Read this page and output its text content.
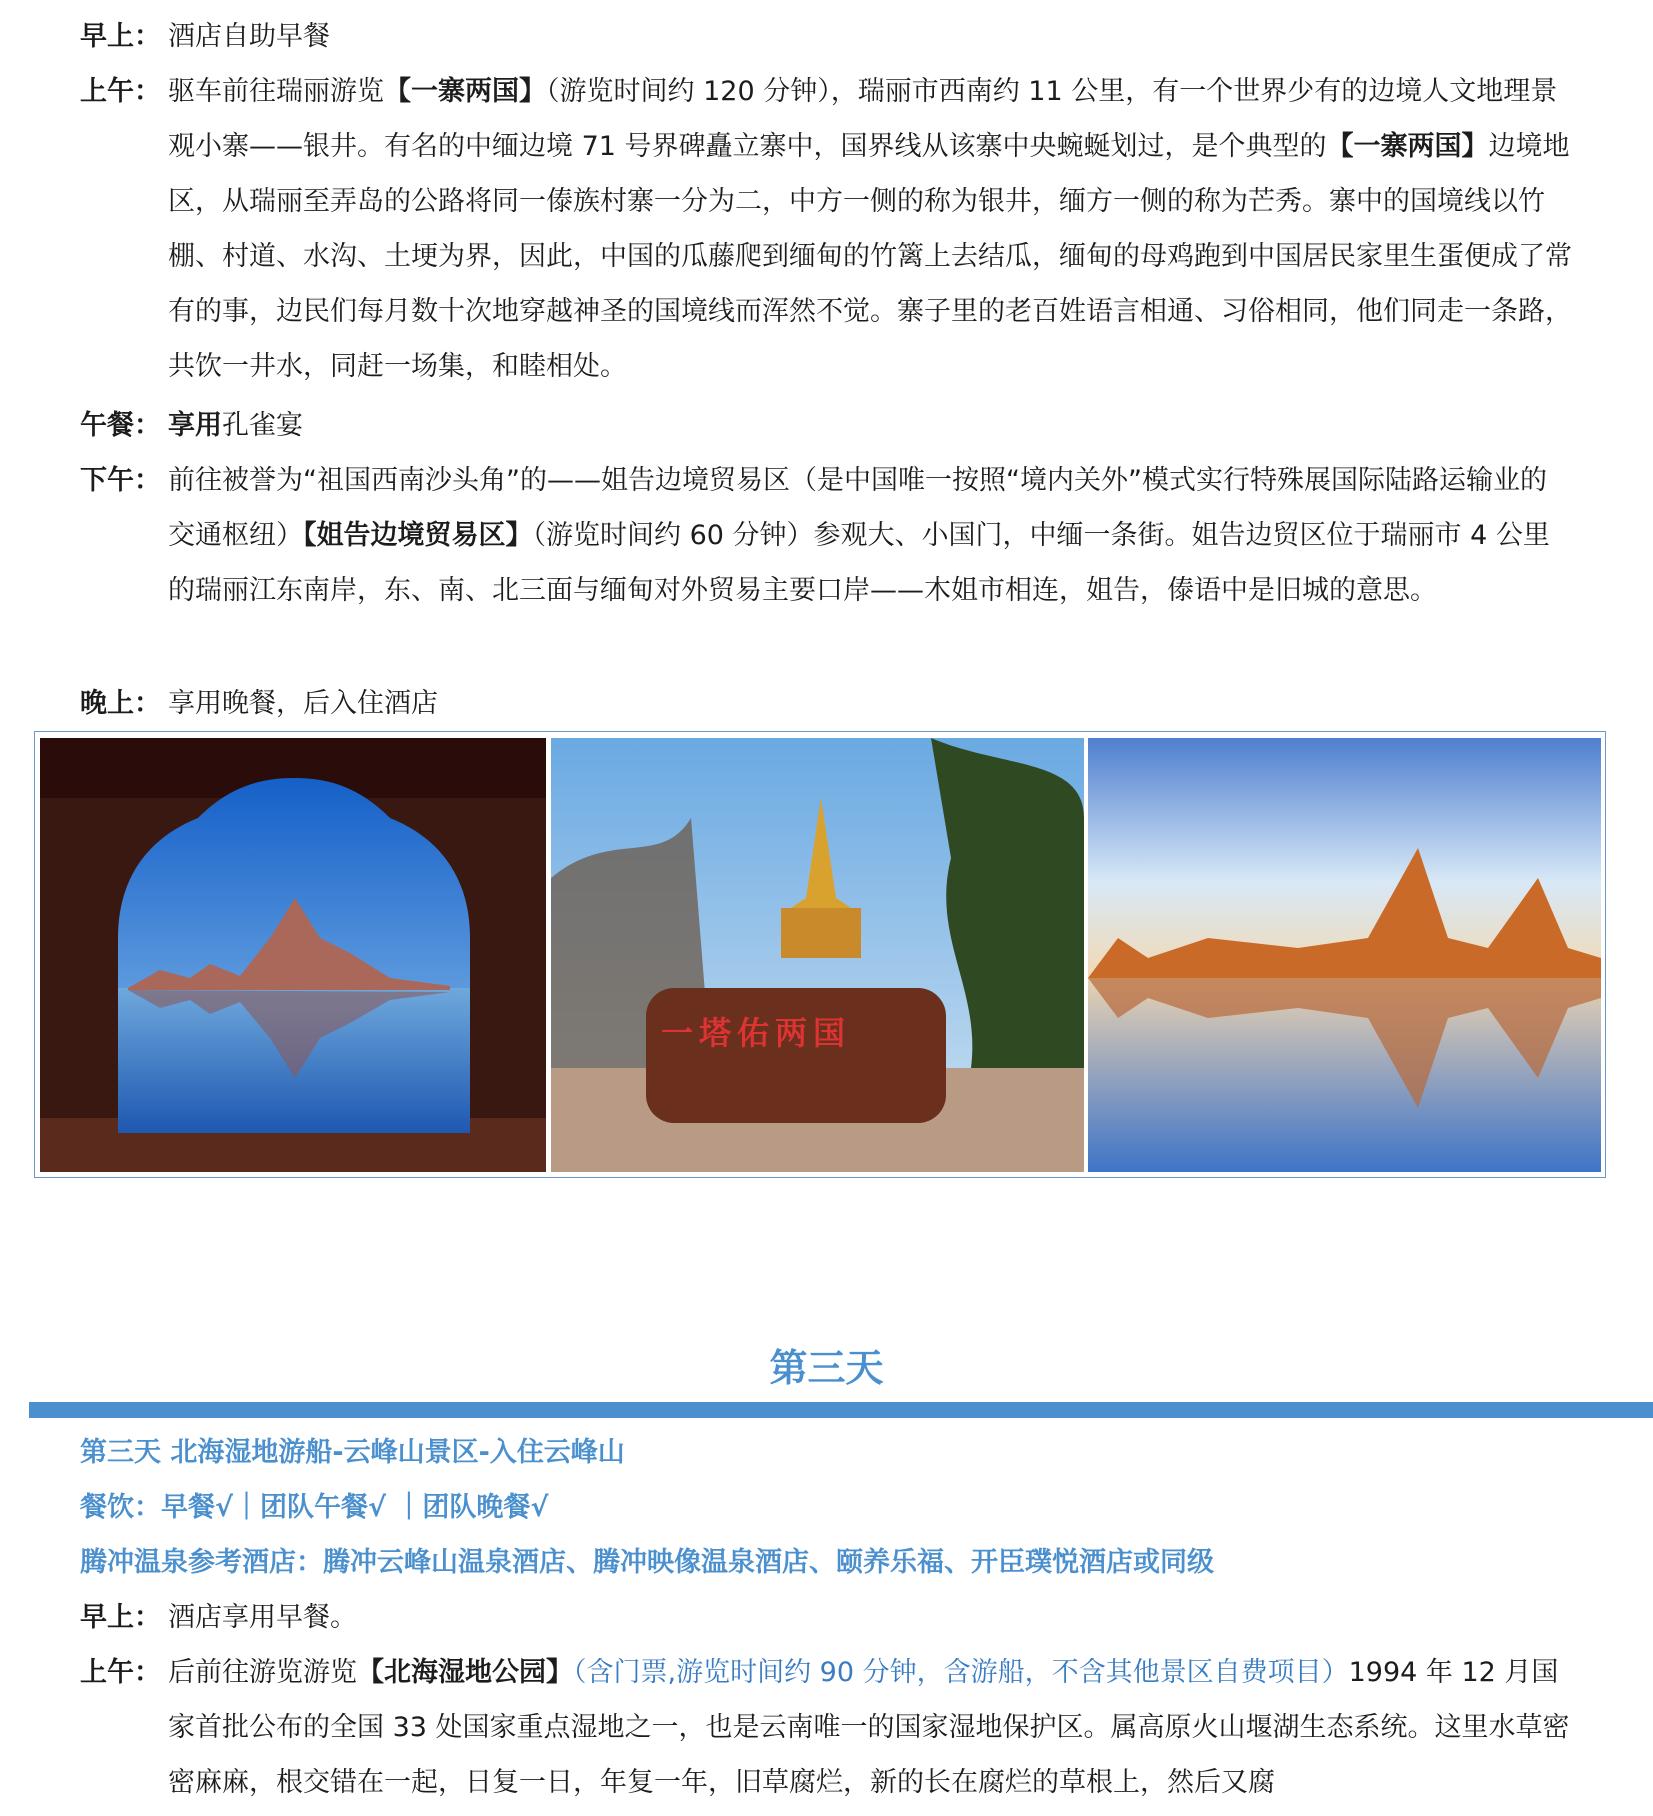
早上： 酒店自助早餐
上午： 驱车前往瑞丽游览【一寨两国】（游览时间约 120 分钟），瑞丽市西南约 11 公里，有一个世界少有的边境人文地理景观小寨——银井。有名的中缅边境 71 号界碑矗立寨中，国界线从该寨中央蜿蜒划过，是个典型的【一寨两国】边境地区，从瑞丽至弄岛的公路将同一傣族村寨一分为二，中方一侧的称为银井，缅方一侧的称为芒秀。寨中的国境线以竹棚、村道、水沟、土埂为界，因此，中国的瓜藤爬到缅甸的竹篱上去结瓜，缅甸的母鸡跑到中国居民家里生蛋便成了常有的事，边民们每月数十次地穿越神圣的国境线而浑然不觉。寨子里的老百姓语言相通、习俗相同，他们同走一条路，共饮一井水，同赶一场集，和睦相处。
午餐： 享用孔雀宴
下午： 前往被誉为“祖国西南沙头角”的——姐告边境贸易区（是中国唯一按照“境内关外”模式实行特殊展国际陆路运输业的交通枢纽）【姐告边境贸易区】（游览时间约 60 分钟）参观大、小国门，中缅一条街。姐告边贸区位于瑞丽市 4 公里的瑞丽江东南岸，东、南、北三面与缅甸对外贸易主要口岸——木姐市相连，姐告，傣语中是旧城的意思。
晚上： 享用晚餐，后入住酒店
一塔佑两国
第三天
第三天 北海湿地游船-云峰山景区-入住云峰山
餐饮：早餐√｜团队午餐√ ｜团队晚餐√
腾冲温泉参考酒店：腾冲云峰山温泉酒店、腾冲映像温泉酒店、颐养乐福、开臣璞悦酒店或同级
早上： 酒店享用早餐。
上午： 后前往游览游览【北海湿地公园】（含门票,游览时间约 90 分钟，含游船，不含其他景区自费项目）1994 年 12 月国家首批公布的全国 33 处国家重点湿地之一，也是云南唯一的国家湿地保护区。属高原火山堰湖生态系统。这里水草密密麻麻，根交错在一起，日复一日，年复一年，旧草腐烂，新的长在腐烂的草根上，然后又腐
